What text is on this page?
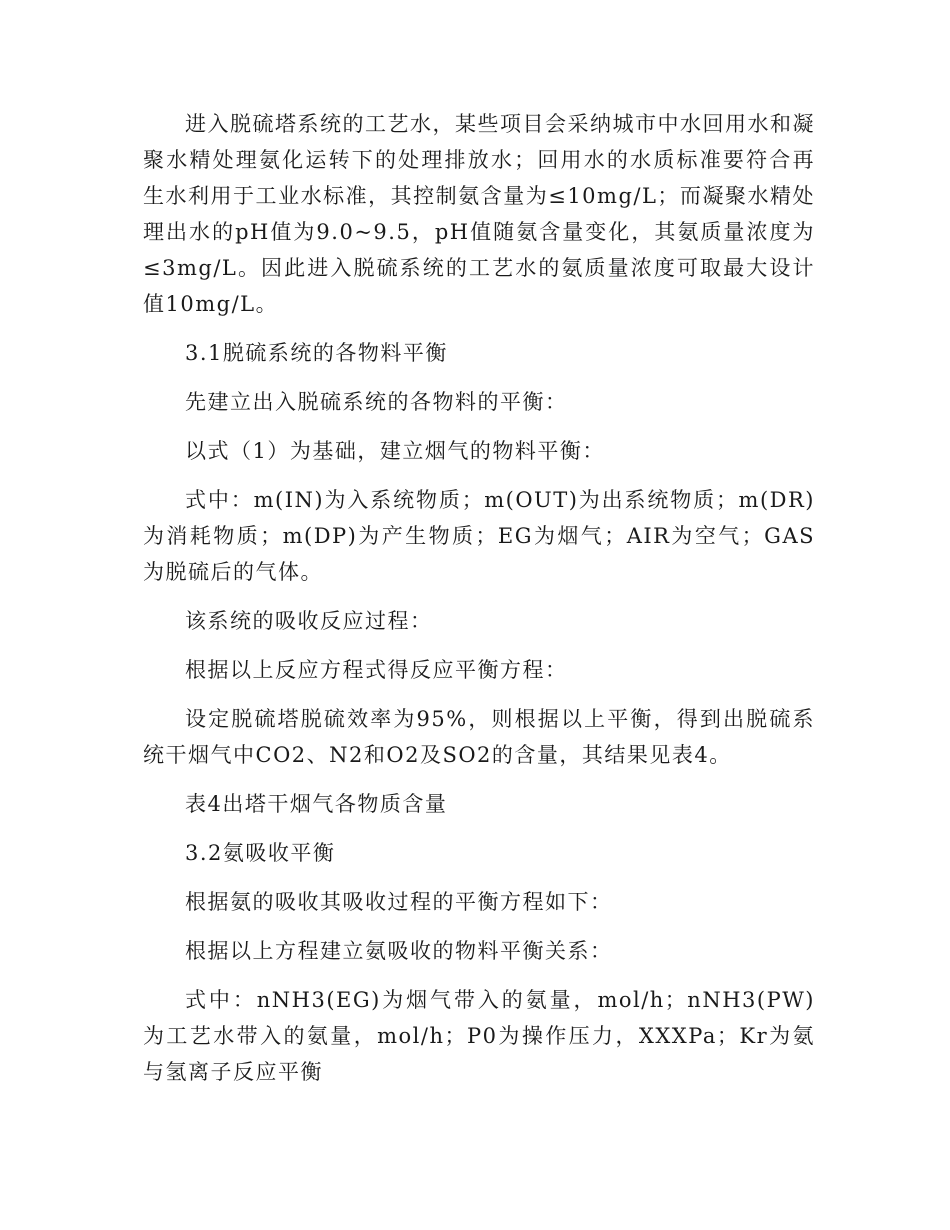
进入脱硫塔系统的工艺水，某些项目会采纳城市中水回用水和凝聚水精处理氨化运转下的处理排放水；回用水的水质标准要符合再生水利用于工业水标准，其控制氨含量为≤10mg/L；而凝聚水精处理出水的pH值为9.0~9.5，pH值随氨含量变化，其氨质量浓度为≤3mg/L。因此进入脱硫系统的工艺水的氨质量浓度可取最大设计值10mg/L。

3.1脱硫系统的各物料平衡

先建立出入脱硫系统的各物料的平衡：

以式（1）为基础，建立烟气的物料平衡：

式中：m(IN)为入系统物质；m(OUT)为出系统物质；m(DR)为消耗物质；m(DP)为产生物质；EG为烟气；AIR为空气；GAS为脱硫后的气体。

该系统的吸收反应过程：

根据以上反应方程式得反应平衡方程：

设定脱硫塔脱硫效率为95%，则根据以上平衡，得到出脱硫系统干烟气中CO2、N2和O2及SO2的含量，其结果见表4。

表4出塔干烟气各物质含量

3.2氨吸收平衡

根据氨的吸收其吸收过程的平衡方程如下：

根据以上方程建立氨吸收的物料平衡关系：

式中：nNH3(EG)为烟气带入的氨量，mol/h；nNH3(PW)为工艺水带入的氨量，mol/h；P0为操作压力，XXXPa；Kr为氨与氢离子反应平衡
